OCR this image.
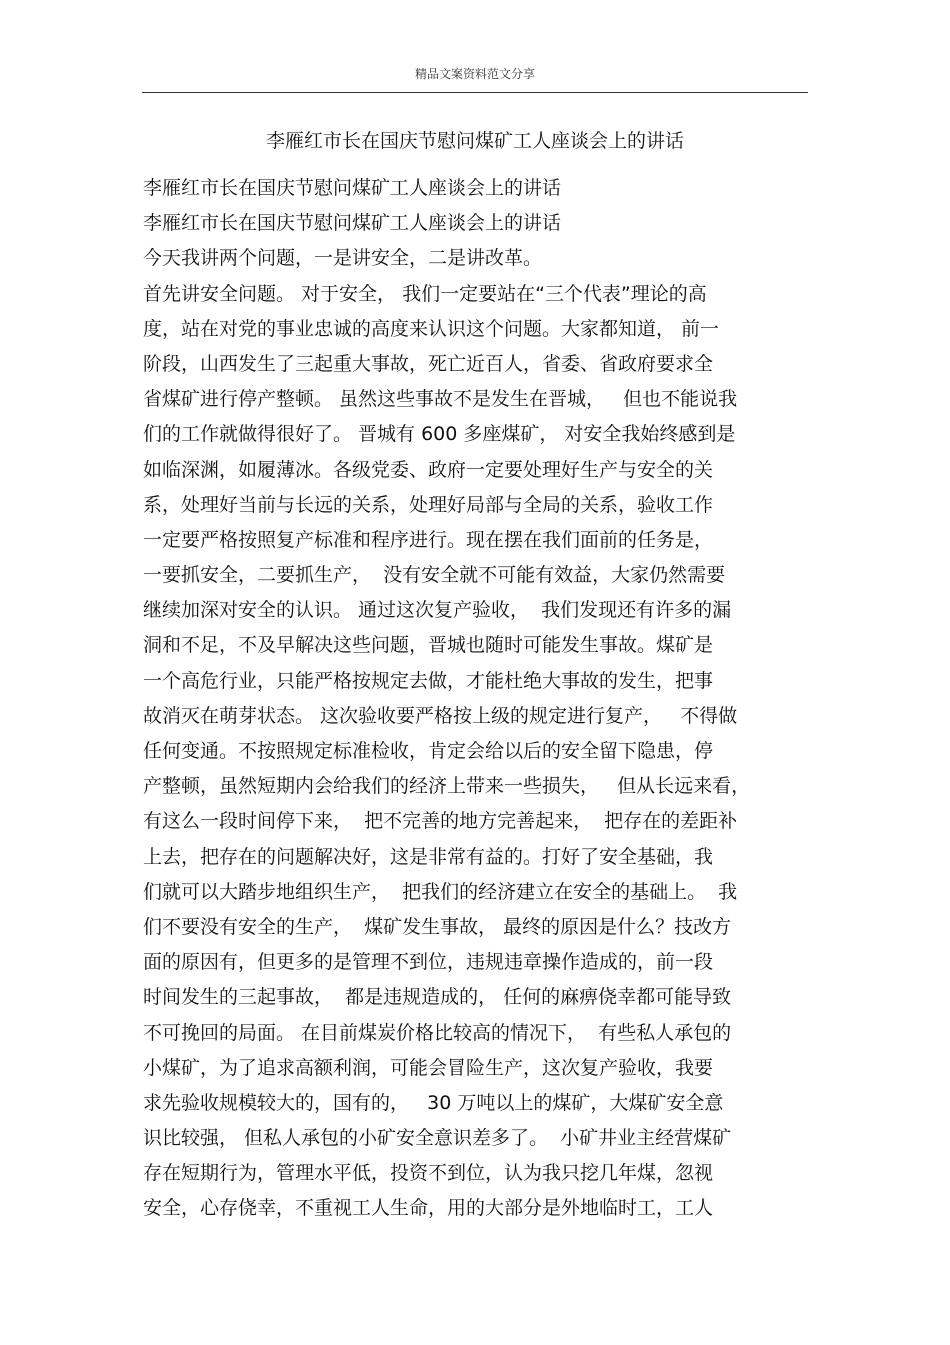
精品文案资料范文分享
李雁红市长在国庆节慰问煤矿工人座谈会上的讲话
李雁红市长在国庆节慰问煤矿工人座谈会上的讲话
李雁红市长在国庆节慰问煤矿工人座谈会上的讲话
今天我讲两个问题，一是讲安全，二是讲改革。
首先讲安全问题。 对于安全， 我们一定要站在“三个代表”理论的高
度，站在对党的事业忠诚的高度来认识这个问题。大家都知道， 前一
阶段，山西发生了三起重大事故，死亡近百人，省委、省政府要求全
省煤矿进行停产整顿。 虽然这些事故不是发生在晋城，   但也不能说我
们的工作就做得很好了。 晋城有 600 多座煤矿， 对安全我始终感到是
如临深渊，如履薄冰。各级党委、政府一定要处理好生产与安全的关
系，处理好当前与长远的关系，处理好局部与全局的关系，验收工作
一定要严格按照复产标准和程序进行。现在摆在我们面前的任务是，
一要抓安全，二要抓生产，  没有安全就不可能有效益，大家仍然需要
继续加深对安全的认识。 通过这次复产验收，  我们发现还有许多的漏
洞和不足，不及早解决这些问题，晋城也随时可能发生事故。煤矿是
一个高危行业，只能严格按规定去做，才能杜绝大事故的发生，把事
故消灭在萌芽状态。 这次验收要严格按上级的规定进行复产，   不得做
任何变通。不按照规定标准检收，肯定会给以后的安全留下隐患，停
产整顿，虽然短期内会给我们的经济上带来一些损失，   但从长远来看，
有这么一段时间停下来，  把不完善的地方完善起来，  把存在的差距补
上去，把存在的问题解决好，这是非常有益的。打好了安全基础，我
们就可以大踏步地组织生产，  把我们的经济建立在安全的基础上。  我
们不要没有安全的生产，  煤矿发生事故， 最终的原因是什么？技改方
面的原因有，但更多的是管理不到位，违规违章操作造成的，前一段
时间发生的三起事故，  都是违规造成的， 任何的麻痹侥幸都可能导致
不可挽回的局面。 在目前煤炭价格比较高的情况下，  有些私人承包的
小煤矿，为了追求高额利润，可能会冒险生产，这次复产验收，我要
求先验收规模较大的，国有的，   30 万吨以上的煤矿，大煤矿安全意
识比较强， 但私人承包的小矿安全意识差多了。  小矿井业主经营煤矿
存在短期行为，管理水平低，投资不到位，认为我只挖几年煤，忽视
安全，心存侥幸，不重视工人生命，用的大部分是外地临时工，工人
